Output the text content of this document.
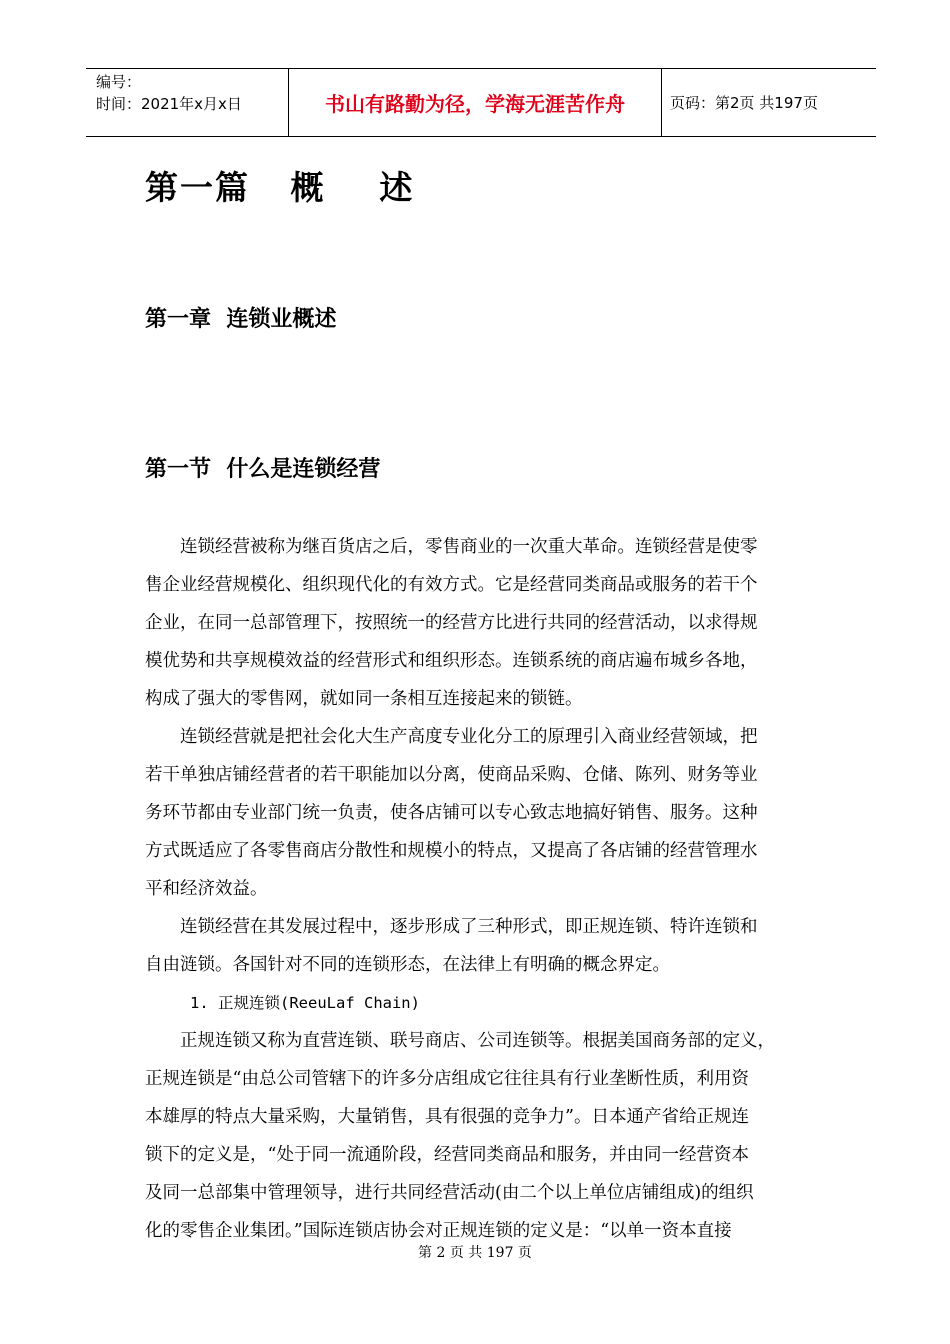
编号：
时间：2021年x月x日	书山有路勤为径，学海无涯苦作舟	页码：第2页 共197页
第一篇   概    述
第一章  连锁业概述
第一节  什么是连锁经营
连锁经营被称为继百货店之后，零售商业的一次重大革命。连锁经营是使零
售企业经营规模化、组织现代化的有效方式。它是经营同类商品或服务的若干个
企业，在同一总部管理下，按照统一的经营方比进行共同的经营活动，以求得规
模优势和共享规模效益的经营形式和组织形态。连锁系统的商店遍布城乡各地，
构成了强大的零售网，就如同一条相互连接起来的锁链。
连锁经营就是把社会化大生产高度专业化分工的原理引入商业经营领域，把
若干单独店铺经营者的若干职能加以分离，使商品采购、仓储、陈列、财务等业
务环节都由专业部门统一负责，使各店铺可以专心致志地搞好销售、服务。这种
方式既适应了各零售商店分散性和规模小的特点，又提高了各店铺的经营管理水
平和经济效益。
连锁经营在其发展过程中，逐步形成了三种形式，即正规连锁、特许连锁和
自由涟锁。各国针对不同的连锁形态，在法律上有明确的概念界定。
1. 正规连锁(ReeuLaf Chain)
正规连锁又称为直营连锁、联号商店、公司连锁等。根据美国商务部的定义，
正规连锁是“由总公司管辖下的许多分店组成它往往具有行业垄断性质，利用资
本雄厚的特点大量采购，大量销售，具有很强的竞争力”。日本通产省给正规连
锁下的定义是，“处于同一流通阶段，经营同类商品和服务，并由同一经营资本
及同一总部集中管理领导，进行共同经营活动(由二个以上单位店铺组成)的组织
化的零售企业集团。”国际连锁店协会对正规连锁的定义是：“以单一资本直接
第 2 页 共 197 页
